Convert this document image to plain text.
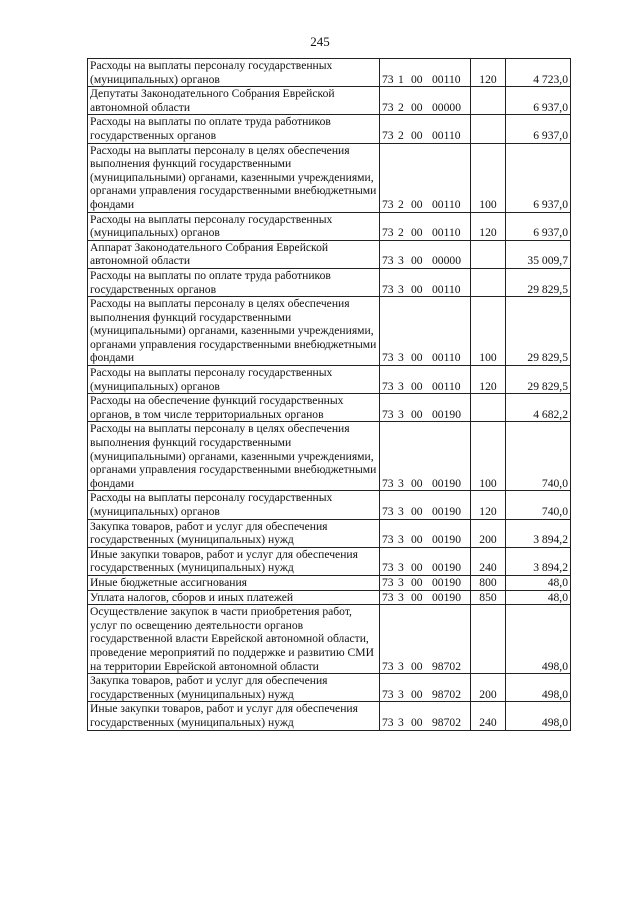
245
Расходы на выплаты персоналу государственных (муниципальных) органов	73 1 00 00110	120	4 723,0
Депутаты Законодательного Собрания Еврейской автономной области	73 2 00 00000		6 937,0
Расходы на выплаты по оплате труда работников государственных органов	73 2 00 00110		6 937,0
Расходы на выплаты персоналу в целях обеспечения выполнения функций государственными (муниципальными) органами, казенными учреждениями, органами управления государственными внебюджетными фондами	73 2 00 00110	100	6 937,0
Расходы на выплаты персоналу государственных (муниципальных) органов	73 2 00 00110	120	6 937,0
Аппарат Законодательного Собрания Еврейской автономной области	73 3 00 00000		35 009,7
Расходы на выплаты по оплате труда работников государственных органов	73 3 00 00110		29 829,5
Расходы на выплаты персоналу в целях обеспечения выполнения функций государственными (муниципальными) органами, казенными учреждениями, органами управления государственными внебюджетными фондами	73 3 00 00110	100	29 829,5
Расходы на выплаты персоналу государственных (муниципальных) органов	73 3 00 00110	120	29 829,5
Расходы на обеспечение функций государственных органов, в том числе территориальных органов	73 3 00 00190		4 682,2
Расходы на выплаты персоналу в целях обеспечения выполнения функций государственными (муниципальными) органами, казенными учреждениями, органами управления государственными внебюджетными фондами	73 3 00 00190	100	740,0
Расходы на выплаты персоналу государственных (муниципальных) органов	73 3 00 00190	120	740,0
Закупка товаров, работ и услуг для обеспечения государственных (муниципальных) нужд	73 3 00 00190	200	3 894,2
Иные закупки товаров, работ и услуг для обеспечения государственных (муниципальных) нужд	73 3 00 00190	240	3 894,2
Иные бюджетные ассигнования	73 3 00 00190	800	48,0
Уплата налогов, сборов и иных платежей	73 3 00 00190	850	48,0
Осуществление закупок в части приобретения работ, услуг по освещению деятельности органов государственной власти Еврейской автономной области, проведение мероприятий по поддержке и развитию СМИ на территории Еврейской автономной области	73 3 00 98702		498,0
Закупка товаров, работ и услуг для обеспечения государственных (муниципальных) нужд	73 3 00 98702	200	498,0
Иные закупки товаров, работ и услуг для обеспечения государственных (муниципальных) нужд	73 3 00 98702	240	498,0
